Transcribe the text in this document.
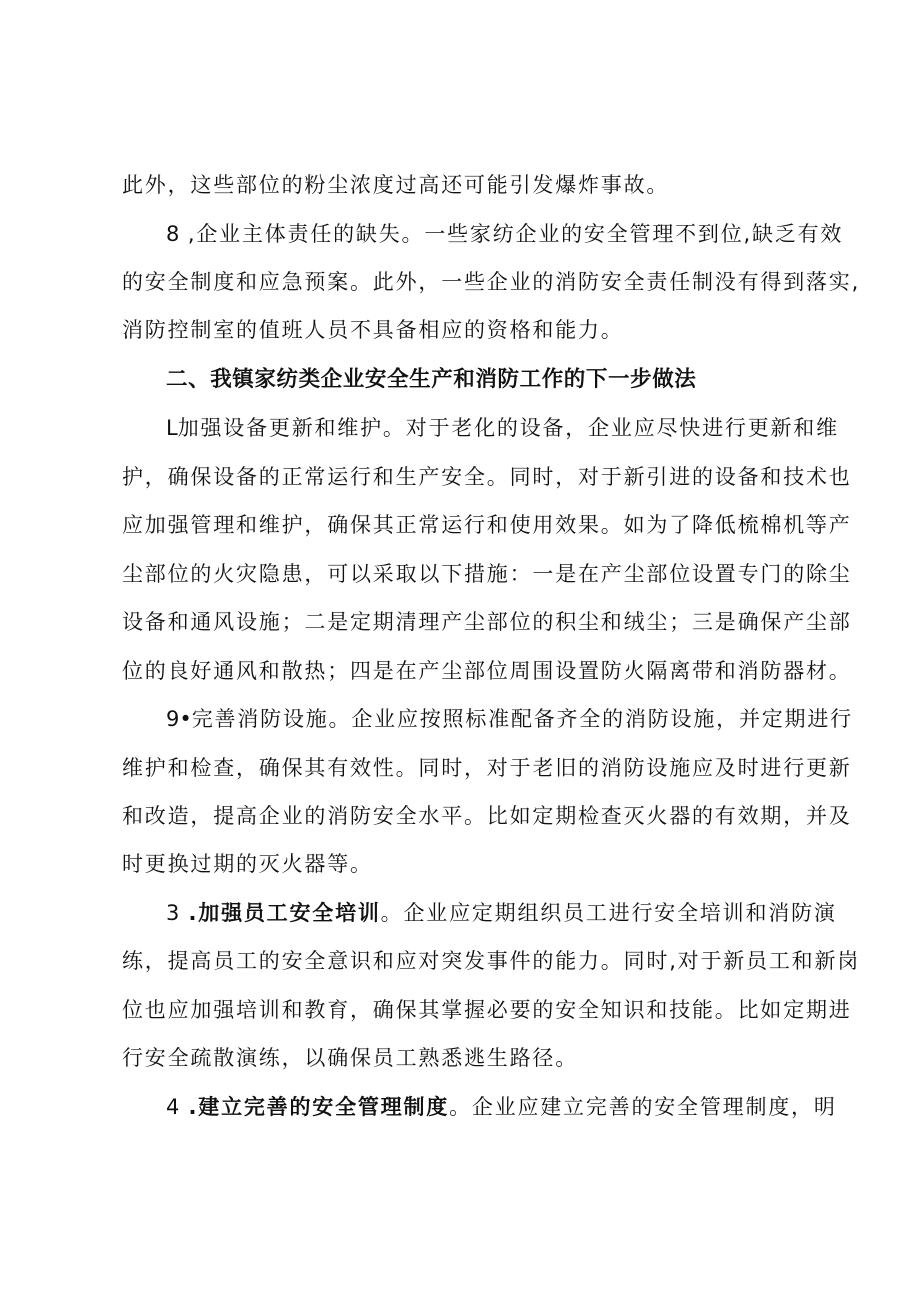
此外，这些部位的粉尘浓度过高还可能引发爆炸事故。
8 ,企业主体责任的缺失。一些家纺企业的安全管理不到位,缺乏有效
的安全制度和应急预案。此外，一些企业的消防安全责任制没有得到落实,
消防控制室的值班人员不具备相应的资格和能力。
二、我镇家纺类企业安全生产和消防工作的下一步做法
L加强设备更新和维护。对于老化的设备，企业应尽快进行更新和维
护，确保设备的正常运行和生产安全。同时，对于新引进的设备和技术也
应加强管理和维护，确保其正常运行和使用效果。如为了降低梳棉机等产
尘部位的火灾隐患，可以采取以下措施：一是在产尘部位设置专门的除尘
设备和通风设施；二是定期清理产尘部位的积尘和绒尘；三是确保产尘部
位的良好通风和散热；四是在产尘部位周围设置防火隔离带和消防器材。
9•完善消防设施。企业应按照标准配备齐全的消防设施，并定期进行
维护和检查，确保其有效性。同时，对于老旧的消防设施应及时进行更新
和改造，提高企业的消防安全水平。比如定期检查灭火器的有效期，并及
时更换过期的灭火器等。
3 .加强员工安全培训。企业应定期组织员工进行安全培训和消防演
练，提高员工的安全意识和应对突发事件的能力。同时,对于新员工和新岗
位也应加强培训和教育，确保其掌握必要的安全知识和技能。比如定期进
行安全疏散演练，以确保员工熟悉逃生路径。
4 .建立完善的安全管理制度。企业应建立完善的安全管理制度，明
